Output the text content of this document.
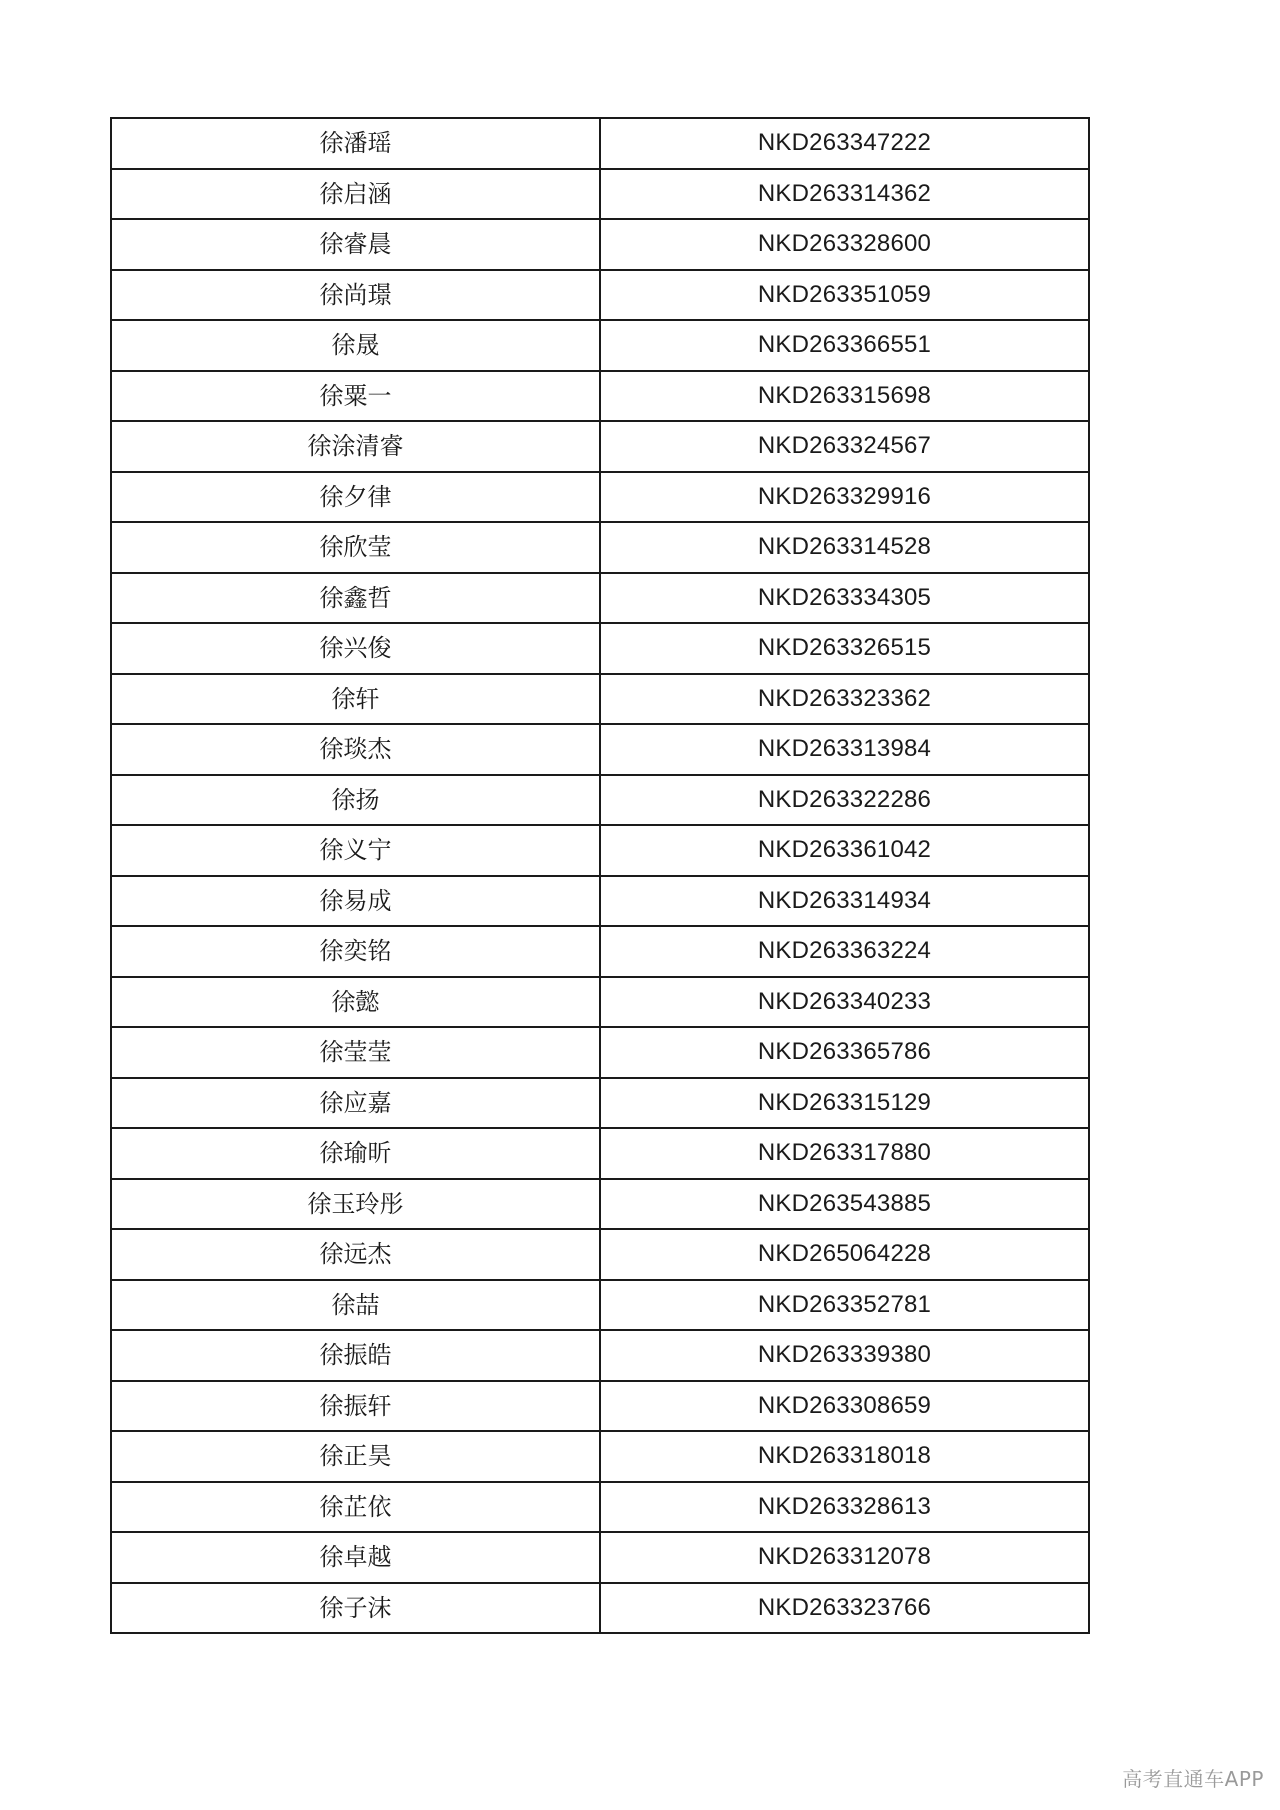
徐潘瑶	NKD263347222
徐启涵	NKD263314362
徐睿晨	NKD263328600
徐尚璟	NKD263351059
徐晟	NKD263366551
徐粟一	NKD263315698
徐涂清睿	NKD263324567
徐夕律	NKD263329916
徐欣莹	NKD263314528
徐鑫哲	NKD263334305
徐兴俊	NKD263326515
徐轩	NKD263323362
徐琰杰	NKD263313984
徐扬	NKD263322286
徐义宁	NKD263361042
徐易成	NKD263314934
徐奕铭	NKD263363224
徐懿	NKD263340233
徐莹莹	NKD263365786
徐应嘉	NKD263315129
徐瑜昕	NKD263317880
徐玉玲彤	NKD263543885
徐远杰	NKD265064228
徐喆	NKD263352781
徐振皓	NKD263339380
徐振轩	NKD263308659
徐正昊	NKD263318018
徐芷依	NKD263328613
徐卓越	NKD263312078
徐子沫	NKD263323766
高考直通车APP
